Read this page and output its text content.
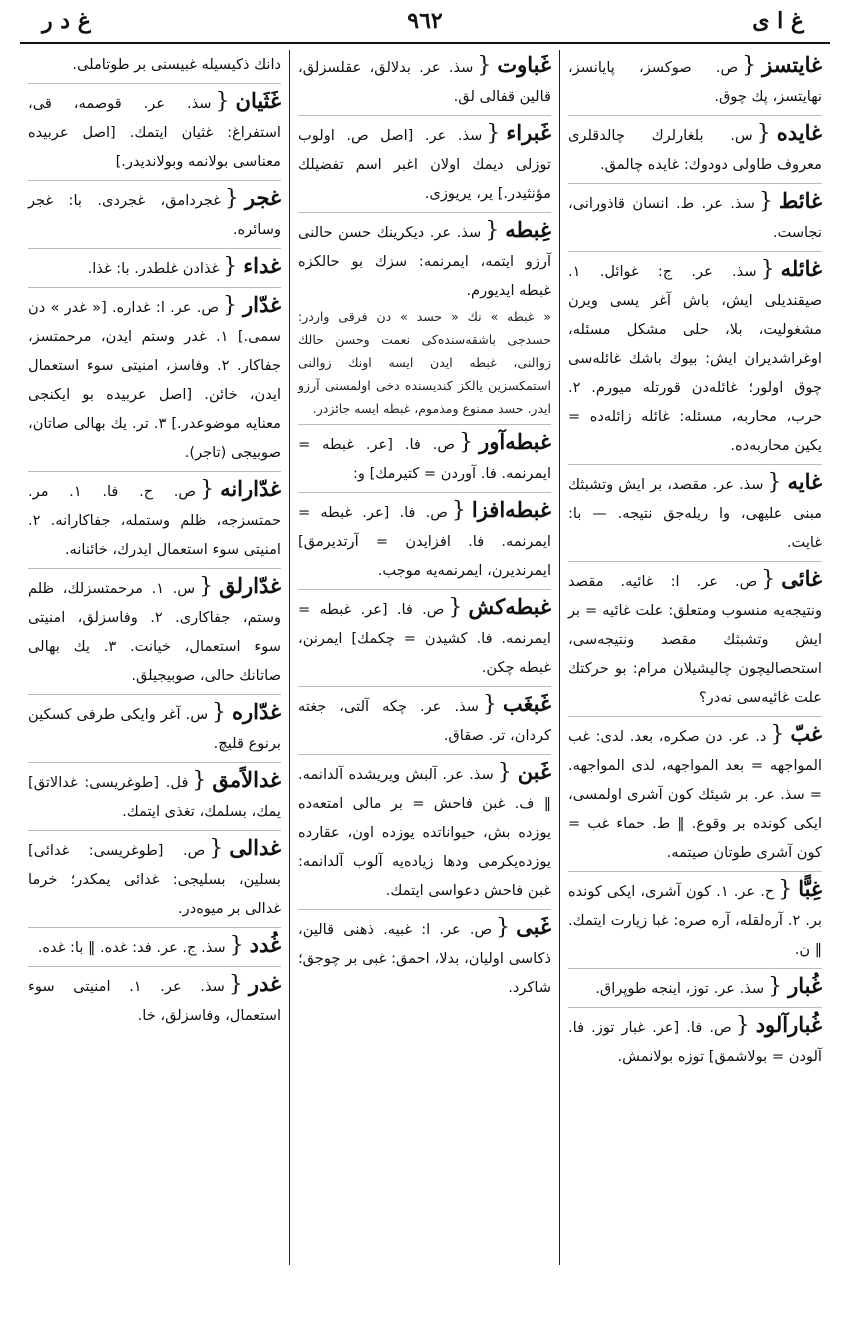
غ ا ى
٩٦٢
غ د ر
غايتسز{ص. صوكسز، پايانسز، نهايتسز، پك چوق.
غايده{س. بلغارلرك چالدقلرى معروف طاولى دودوك: غايده چالمق.
غائط{سذ. عر. ط. انسان قاذورانى، نجاست.
غائله{سذ. عر. ج: غوائل. ١. صيقنديلى ايش، باش آغر يسى ويرن مشغوليت، بلا، حلى مشكل مسئله، اوغراشديران ايش: بيوك باشك غائله‌سى چوق اولور؛ غائله‌دن قورتله ميورم. ٢. حرب، محاربه، مسئله: غائله زائله‌ده = يكين محاربه‌ده.
غايه{سذ. عر. مقصد، بر ايش وتشبثك مبنى عليهى، وا ريله‌جق نتيجه. — با: غايت.
غائى{ص. عر. ا: غائيه. مقصد ونتيجه‌يه منسوب ومتعلق: علت غائيه = بر ايش وتشبثك مقصد ونتيجه‌سى، استحصاليچون چاليشيلان مرام: بو حركتك علت غائيه‌سى نه‌در؟
غبّ{د. عر. دن صكره، بعد. لدى: غب المواجهه = بعد المواجهه، لدى المواجهه. = سذ. عر. بر شيئك كون آشرى اولمسى، ايكى كونده بر وقوع. ‖ ط. حماء غب = كون آشرى طوتان صيتمه.
غِبًّا{ح. عر. ١. كون آشرى، ايكى كونده بر. ٢. آره‌لقله، آره صره: غبا زيارت ايتمك. ‖ ن.
غُبار{سذ. عر. توز، اينجه طوپراق.
غُبارآلود{ص. فا. [عر. غبار توز. فا. آلودن = بولاشمق] توزه بولانمش.
غَباوت{سذ. عر. بدلالق، عقلسزلق، قالين قفالى لق.
غَبراء{سذ. عر. [اصل ص. اولوب توزلى ديمك اولان اغبر اسم تفضيلك مؤنثيدر.] ير، يريوزى.
غِبطه{سذ. عر. ديكرينك حسن حالنى آرزو ايتمه، ايمرنمه: سزك بو حالكزه غبطه ايديورم.
« غبطه » نك « حسد » دن فرقى واردر: حسدجى باشقه‌سنده‌كى نعمت وحسن حالك زوالنى، غبطه ايدن ايسه اونك زوالنى استمكسزين يالكز كنديسنده دخى اولمسنى آرزو ايدر. حسد ممنوع ومذموم، غبطه ايسه جائزدر.
غبطه‌آور{ص. فا. [عر. غبطه = ايمرنمه. فا. آوردن = كتيرمك] و:
غبطه‌افزا{ص. فا. [عر. غبطه = ايمرنمه. فا. افزايدن = آرتديرمق] ايمرنديرن، ايمرنمه‌يه موجب.
غبطه‌كش{ص. فا. [عر. غبطه = ايمرنمه. فا. كشيدن = چكمك] ايمرنن، غبطه چكن.
غَبغَب{سذ. عر. چكه آلتى، جغته كردان، تر. صقاق.
غَبن{سذ. عر. آلبش ويريشده آلدانمه. ‖ ف. غبن فاحش = بر مالى امتعه‌ده يوزده بش، حيواناتده يوزده اون، عقارده يوزده‌يكرمى ودها زياده‌يه آلوب آلدانمه: غبن فاحش دعواسى ايتمك.
غَبى{ص. عر. ا: غبيه. ذهنى قالين، ذكاسى اوليان، بدلا، احمق: غبى بر چوجق؛ شاكرد.
دانك ذكيسيله غبيسنى بر طوتاملى.
غَثَيان{سذ. عر. قوصمه، قى، استفراغ: غثيان ايتمك. [اصل عربيده معناسى بولانمه وبولانديدر.]
غجر{غجردامق، غجردى. با: غجر وسائره.
غداء{غذادن غلطدر. با: غذا.
غدّار{ص. عر. ا: غداره. [« غدر » دن سمى.] ١. غدر وستم ايدن، مرحمتسز، جفاكار. ٢. وفاسز، امنيتى سوء استعمال ايدن، خائن. [اصل عربيده بو ايكنجى معنايه موضوعدر.] ٣. تر. يك بهالى صاتان، صوبيجى (تاجر).
غدّارانه{ص. ح. فا. ١. مر. حمتسزجه، ظلم وستمله، جفاكارانه. ٢. امنيتى سوء استعمال ايدرك، خائنانه.
غدّارلق{س. ١. مرحمتسزلك، ظلم وستم، جفاكارى. ٢. وفاسزلق، امنيتى سوء استعمال، خيانت. ٣. يك بهالى صاتانك حالى، صوبيجيلق.
غدّاره{س. آغر وايكى طرفى كسكين برنوع قليچ.
غدالاًمق{فل. [طوغريسى: غدالاتق] يمك، بسلمك، تغذى ايتمك.
غدالى{ص. [طوغريسى: غدائى] بسلين، بسليجى: غدائى يمكدر؛ خرما غدالى بر ميوه‌در.
غُدد{سذ. ج. عر. فد: غده. ‖ با: غده.
غدر{سذ. عر. ١. امنيتى سوء استعمال، وفاسزلق، خا.
